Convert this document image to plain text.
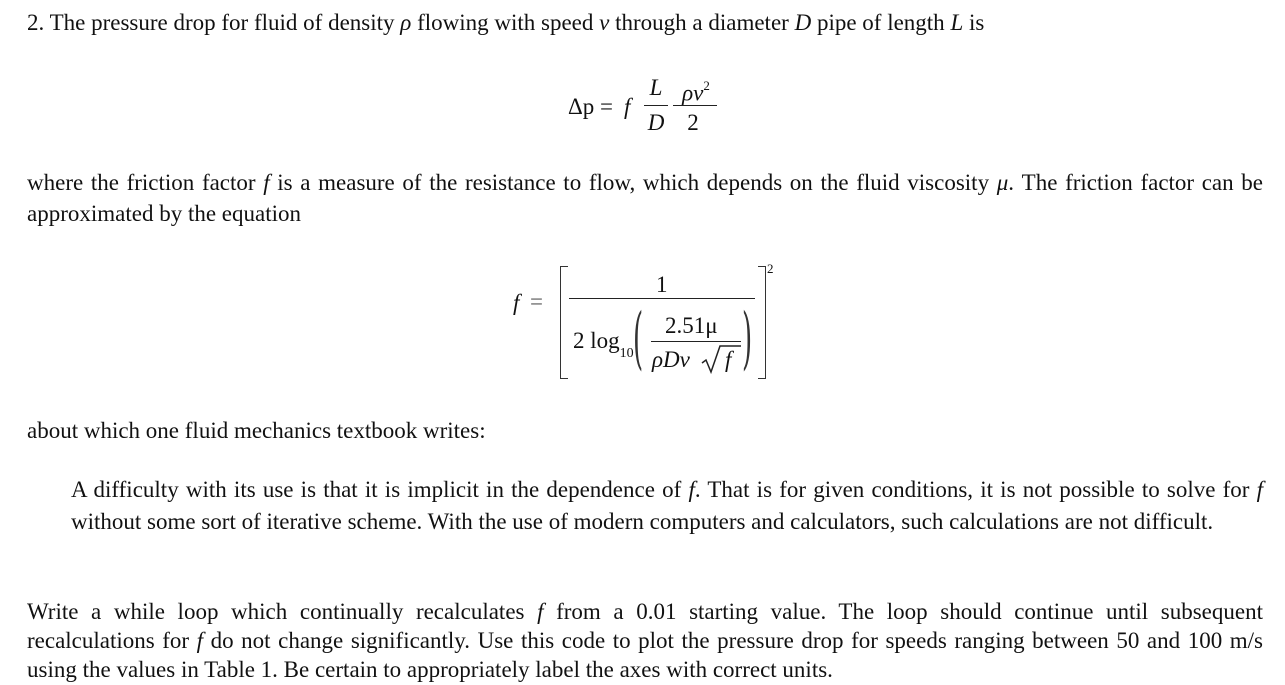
2. The pressure drop for fluid of density ρ flowing with speed v through a diameter D pipe of length L is
Δp = f
L
D
$\rho v^2$
2
where the friction factor f is a measure of the resistance to flow, which depends on the fluid viscosity μ. The friction factor can be approximated by the equation
f =
2
1
2 $\log_{10}$ (	)
2.51μ
ρDv f
about which one fluid mechanics textbook writes:
A difficulty with its use is that it is implicit in the dependence of f. That is for given conditions, it is not possible to solve for f without some sort of iterative scheme. With the use of modern computers and calculators, such calculations are not difficult.
Write a while loop which continually recalculates f from a 0.01 starting value. The loop should continue until subsequent recalculations for f do not change significantly. Use this code to plot the pressure drop for speeds ranging between 50 and 100 m/s using the values in Table 1. Be certain to appropriately label the axes with correct units.
